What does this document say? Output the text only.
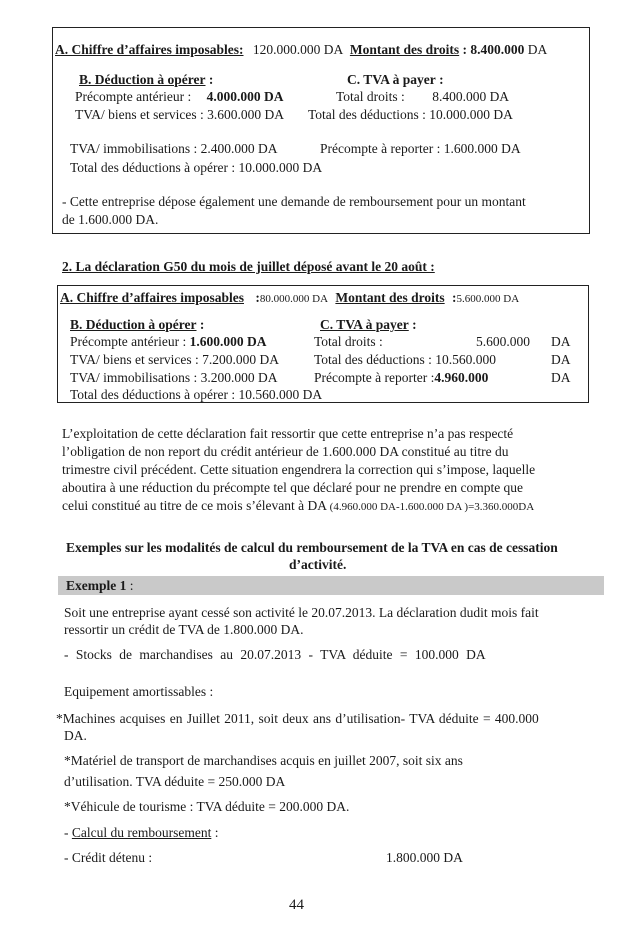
A. Chiffre d’affaires imposables: 120.000.000 DA Montant des droits : 8.400.000 DA
B. Déduction à opérer :	C. TVA à payer :
Précompte antérieur : 4.000.000 DA	Total droits : 8.400.000 DA
TVA/ biens et services : 3.600.000 DA Total des déductions : 10.000.000 DA
TVA/ immobilisations : 2.400.000 DA	Précompte à reporter : 1.600.000 DA
Total des déductions à opérer : 10.000.000 DA
- Cette entreprise dépose également une demande de remboursement pour un montant
de 1.600.000 DA.
2. La déclaration G50 du mois de juillet déposé avant le 20 août :
A. Chiffre d’affaires imposables :80.000.000 DA Montant des droits :5.600.000 DA
B. Déduction à opérer :	C. TVA à payer :
Précompte antérieur : 1.600.000 DA	Total droits :	5.600.000 DA
TVA/ biens et services : 7.200.000 DA	Total des déductions : 10.560.000	DA
TVA/ immobilisations : 3.200.000 DA	Précompte à reporter :4.960.000	DA
Total des déductions à opérer : 10.560.000 DA
L’exploitation de cette déclaration fait ressortir que cette entreprise n’a pas respecté
l’obligation de non report du crédit antérieur de 1.600.000 DA constitué au titre du
trimestre civil précédent. Cette situation engendrera la correction qui s’impose, laquelle
aboutira à une réduction du précompte tel que déclaré pour ne prendre en compte que
celui constitué au titre de ce mois s’élevant à DA (4.960.000 DA-1.600.000 DA )=3.360.000DA
Exemples sur les modalités de calcul du remboursement de la TVA en cas de cessation
d’activité.
Exemple 1 :
Soit une entreprise ayant cessé son activité le 20.07.2013. La déclaration dudit mois fait
ressortir un crédit de TVA de 1.800.000 DA.
- Stocks de marchandises au 20.07.2013 - TVA déduite = 100.000 DA
Equipement amortissables :
*Machines acquises en Juillet 2011, soit deux ans d’utilisation- TVA déduite = 400.000
DA.
*Matériel de transport de marchandises acquis en juillet 2007, soit six ans
d’utilisation. TVA déduite = 250.000 DA
*Véhicule de tourisme : TVA déduite = 200.000 DA.
- Calcul du remboursement :
- Crédit détenu :	1.800.000 DA
44
